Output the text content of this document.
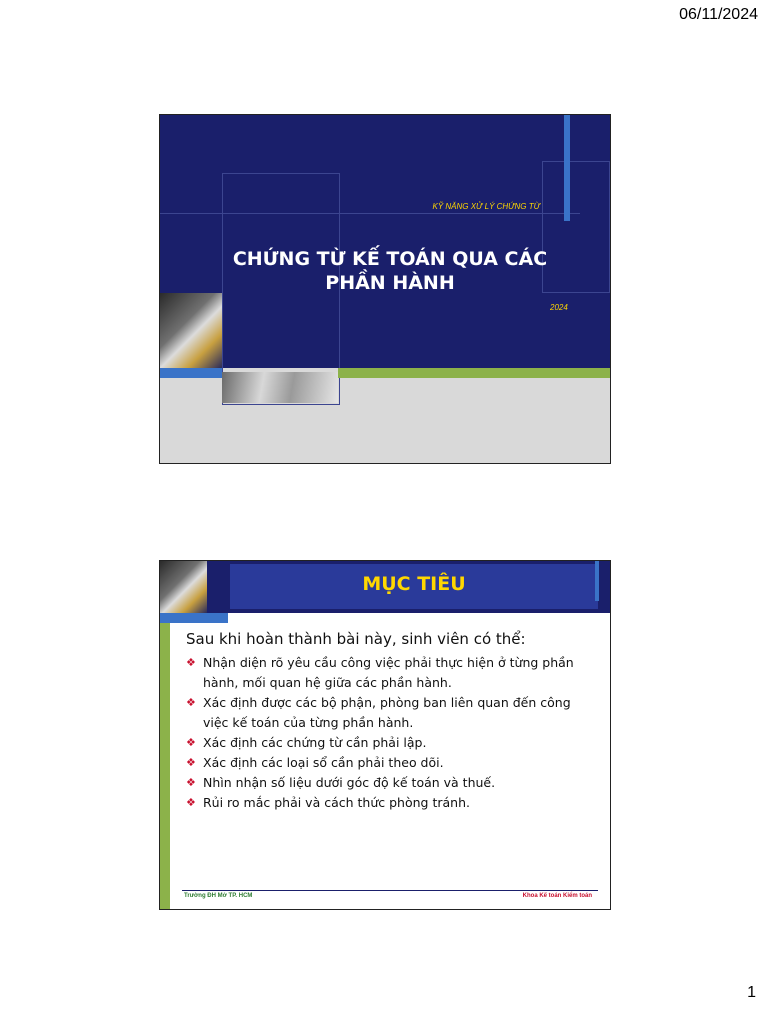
06/11/2024
KỸ NĂNG XỬ LÝ CHỨNG TỪ
CHỨNG TỪ KẾ TOÁN QUA CÁC
PHẦN HÀNH
2024
MỤC TIÊU
Sau khi hoàn thành bài này, sinh viên có thể:
❖ Nhận diện rõ yêu cầu công việc phải thực hiện ở từng phần
hành, mối quan hệ giữa các phần hành.
❖ Xác định được các bộ phận, phòng ban liên quan đến công
việc kế toán của từng phần hành.
❖ Xác định các chứng từ cần phải lập.
❖ Xác định các loại sổ cần phải theo dõi.
❖ Nhìn nhận số liệu dưới góc độ kế toán và thuế.
❖ Rủi ro mắc phải và cách thức phòng tránh.
Trường ĐH Mở TP. HCM	Khoa Kế toán Kiểm toán
1
